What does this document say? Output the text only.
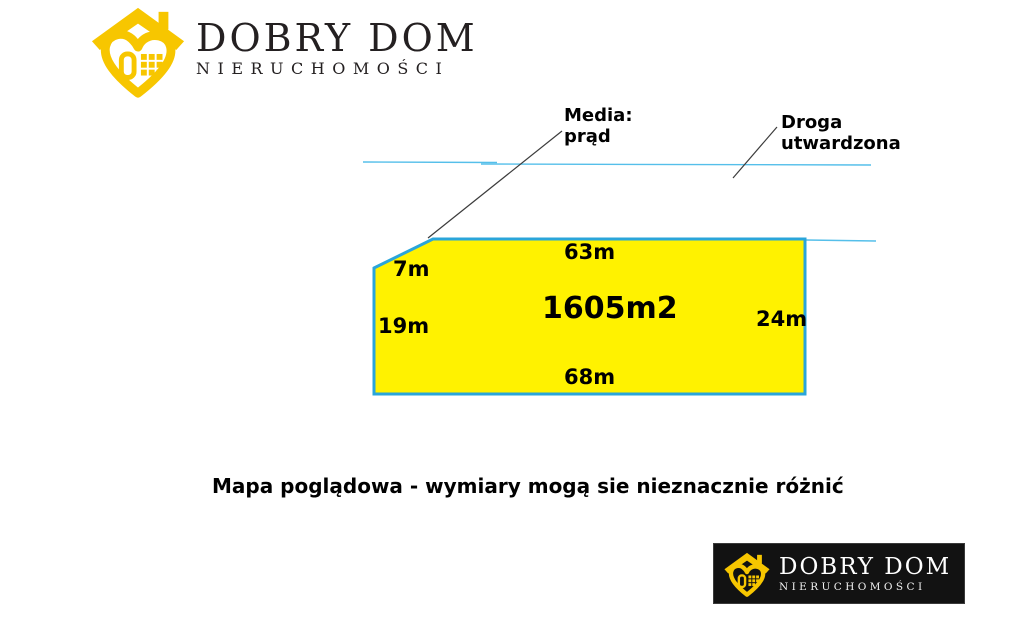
DOBRY DOM
NIERUCHOMOŚCI
Media:
prąd
Droga
utwardzona
63m
7m
19m	1605m2	24m
68m
Mapa poglądowa - wymiary mogą sie nieznacznie różnić
DOBRY DOM
NIERUCHOMOŚCI
